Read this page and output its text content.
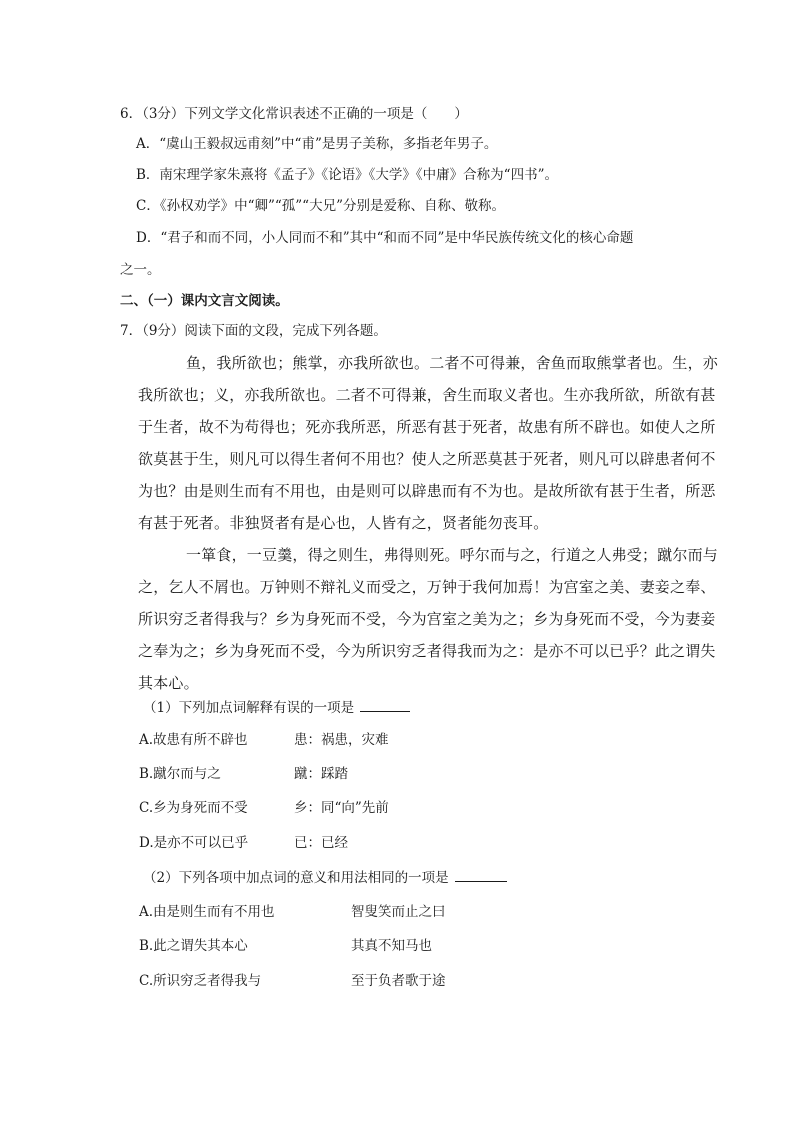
6．（3分）下列文学文化常识表述不正确的一项是（　　）
A．“虞山王毅叔远甫刻”中“甫”是男子美称，多指老年男子。
B．南宋理学家朱熹将《孟子》《论语》《大学》《中庸》合称为“四书”。
C．《孙权劝学》中“卿”“孤”“大兄”分别是爱称、自称、敬称。
D．“君子和而不同，小人同而不和”其中“和而不同”是中华民族传统文化的核心命题
之一。
二、（一）课内文言文阅读。
7．（9分）阅读下面的文段，完成下列各题。
鱼，我所欲也；熊掌，亦我所欲也。二者不可得兼，舍鱼而取熊掌者也。生，亦
我所欲也；义，亦我所欲也。二者不可得兼，舍生而取义者也。生亦我所欲，所欲有甚
于生者，故不为苟得也；死亦我所恶，所恶有甚于死者，故患有所不辟也。如使人之所
欲莫甚于生，则凡可以得生者何不用也？使人之所恶莫甚于死者，则凡可以辟患者何不
为也？由是则生而有不用也，由是则可以辟患而有不为也。是故所欲有甚于生者，所恶
有甚于死者。非独贤者有是心也，人皆有之，贤者能勿丧耳。
一箪食，一豆羹，得之则生，弗得则死。呼尔而与之，行道之人弗受；蹴尔而与
之，乞人不屑也。万钟则不辩礼义而受之，万钟于我何加焉！为宫室之美、妻妾之奉、
所识穷乏者得我与？乡为身死而不受，今为宫室之美为之；乡为身死而不受，今为妻妾
之奉为之；乡为身死而不受，今为所识穷乏者得我而为之：是亦不可以已乎？此之谓失
其本心。
（1）下列加点词解释有误的一项是
A.故患有所不辟也	患：祸患，灾难
B.蹴尔而与之	蹴：踩踏
C.乡为身死而不受	乡：同“向”先前
D.是亦不可以已乎	已：已经
（2）下列各项中加点词的意义和用法相同的一项是
A.由是则生而有不用也	智叟笑而止之曰
B.此之谓失其本心	其真不知马也
C.所识穷乏者得我与	至于负者歌于途
